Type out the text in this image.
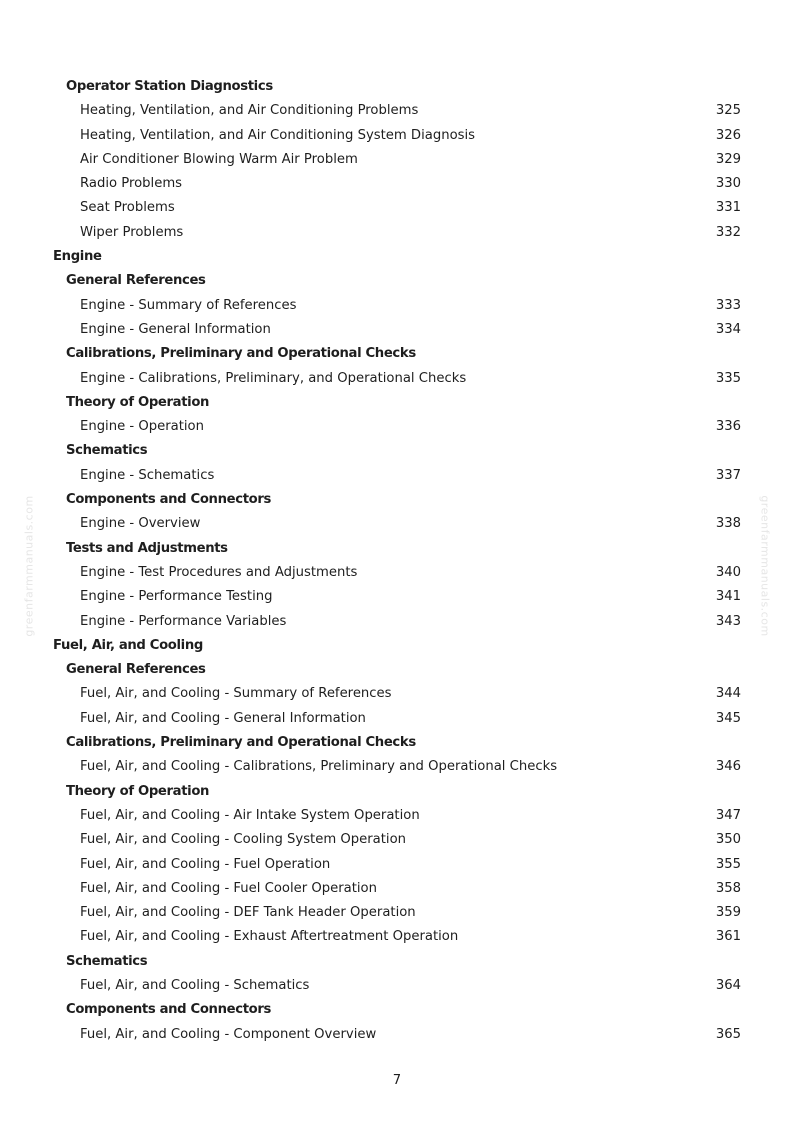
greenfarmmanuals.com	greenfarmmanuals.com
Operator Station Diagnostics
Heating, Ventilation, and Air Conditioning Problems	325
Heating, Ventilation, and Air Conditioning System Diagnosis	326
Air Conditioner Blowing Warm Air Problem	329
Radio Problems	330
Seat Problems	331
Wiper Problems	332
Engine
General References
Engine - Summary of References	333
Engine - General Information	334
Calibrations, Preliminary and Operational Checks
Engine - Calibrations, Preliminary, and Operational Checks	335
Theory of Operation
Engine - Operation	336
Schematics
Engine - Schematics	337
Components and Connectors
Engine - Overview	338
Tests and Adjustments
Engine - Test Procedures and Adjustments	340
Engine - Performance Testing	341
Engine - Performance Variables	343
Fuel, Air, and Cooling
General References
Fuel, Air, and Cooling - Summary of References	344
Fuel, Air, and Cooling - General Information	345
Calibrations, Preliminary and Operational Checks
Fuel, Air, and Cooling - Calibrations, Preliminary and Operational Checks	346
Theory of Operation
Fuel, Air, and Cooling - Air Intake System Operation	347
Fuel, Air, and Cooling - Cooling System Operation	350
Fuel, Air, and Cooling - Fuel Operation	355
Fuel, Air, and Cooling - Fuel Cooler Operation	358
Fuel, Air, and Cooling - DEF Tank Header Operation	359
Fuel, Air, and Cooling - Exhaust Aftertreatment Operation	361
Schematics
Fuel, Air, and Cooling - Schematics	364
Components and Connectors
Fuel, Air, and Cooling - Component Overview	365
7
